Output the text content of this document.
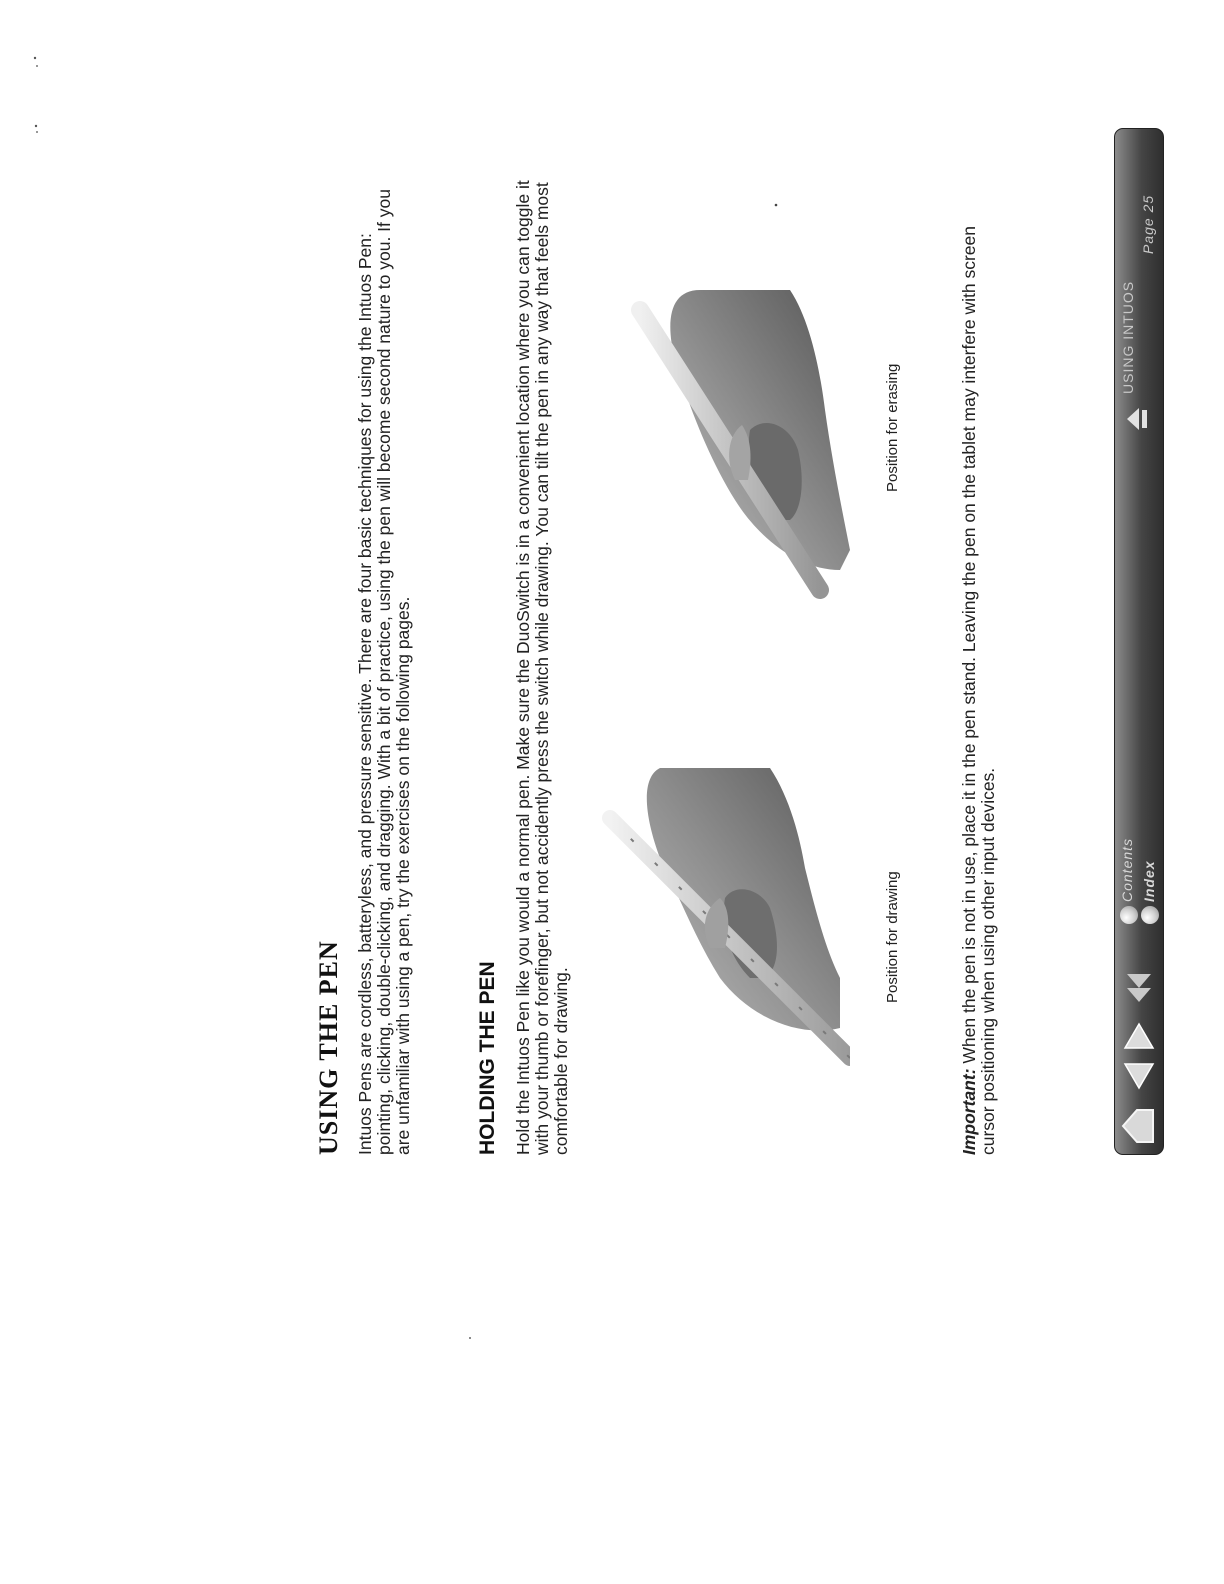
USING THE PEN Intuos Pens are cordless, batteryless, and pressure sensitive. There are four basic techniques for using the Intuos Pen: pointing, clicking, double-clicking, and dragging. With a bit of practice, using the pen will become second nature to you. If you are unfamiliar with using a pen, try the exercises on the following pages.	HOLDING THE PEN Hold the Intuos Pen like you would a normal pen. Make sure the DuoSwitch is in a convenient location where you can toggle it with your thumb or forefinger, but not accidently press the switch while drawing. You can tilt the pen in any way that feels most comfortable for drawing.

Position for drawing
Position for erasing

Important: When the pen is not in use, place it in the pen stand. Leaving the pen on the tablet may interfere with screen cursor positioning when using other input devices.	Contents Index
USING INTUOS
Page 25
